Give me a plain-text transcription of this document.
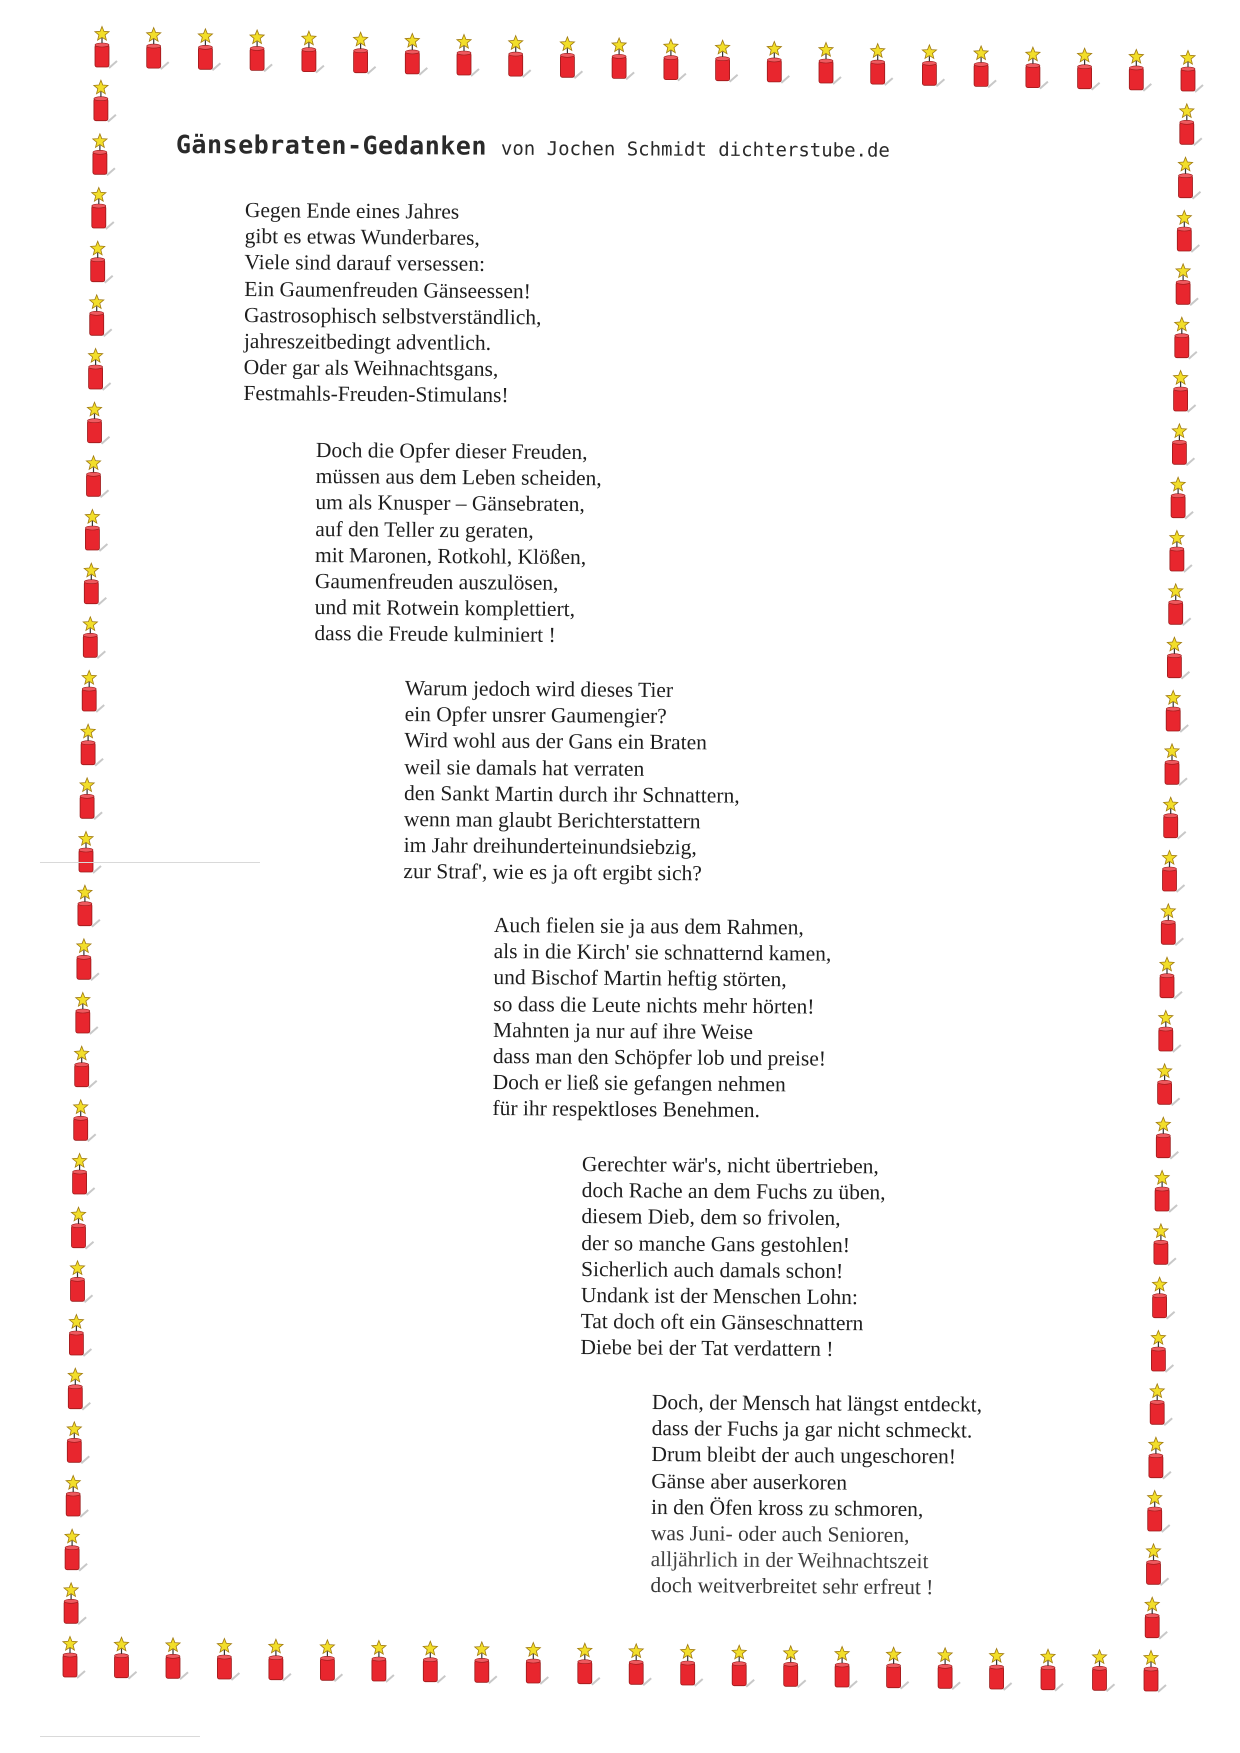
Gänsebraten-Gedanken von Jochen Schmidt dichterstube.de
Gegen Ende eines Jahres
gibt es etwas Wunderbares,
Viele sind darauf versessen:
Ein Gaumenfreuden Gänseessen!
Gastrosophisch selbstverständlich,
jahreszeitbedingt adventlich.
Oder gar als Weihnachtsgans,
Festmahls-Freuden-Stimulans!
Doch die Opfer dieser Freuden,
müssen aus dem Leben scheiden,
um als Knusper – Gänsebraten,
auf den Teller zu geraten,
mit Maronen, Rotkohl, Klößen,
Gaumenfreuden auszulösen,
und mit Rotwein komplettiert,
dass die Freude kulminiert !
Warum jedoch wird dieses Tier
ein Opfer unsrer Gaumengier?
Wird wohl aus der Gans ein Braten
weil sie damals hat verraten
den Sankt Martin durch ihr Schnattern,
wenn man glaubt Berichterstattern
im Jahr dreihunderteinundsiebzig,
zur Straf', wie es ja oft ergibt sich?
Auch fielen sie ja aus dem Rahmen,
als in die Kirch' sie schnatternd kamen,
und Bischof Martin heftig störten,
so dass die Leute nichts mehr hörten!
Mahnten ja nur auf ihre Weise
dass man den Schöpfer lob und preise!
Doch er ließ sie gefangen nehmen
für ihr respektloses Benehmen.
Gerechter wär's, nicht übertrieben,
doch Rache an dem Fuchs zu üben,
diesem Dieb, dem so frivolen,
der so manche Gans gestohlen!
Sicherlich auch damals schon!
Undank ist der Menschen Lohn:
Tat doch oft ein Gänseschnattern
Diebe bei der Tat verdattern !
Doch, der Mensch hat längst entdeckt,
dass der Fuchs ja gar nicht schmeckt.
Drum bleibt der auch ungeschoren!
Gänse aber auserkoren
in den Öfen kross zu schmoren,
was Juni- oder auch Senioren,
alljährlich in der Weihnachtszeit
doch weitverbreitet sehr erfreut !
